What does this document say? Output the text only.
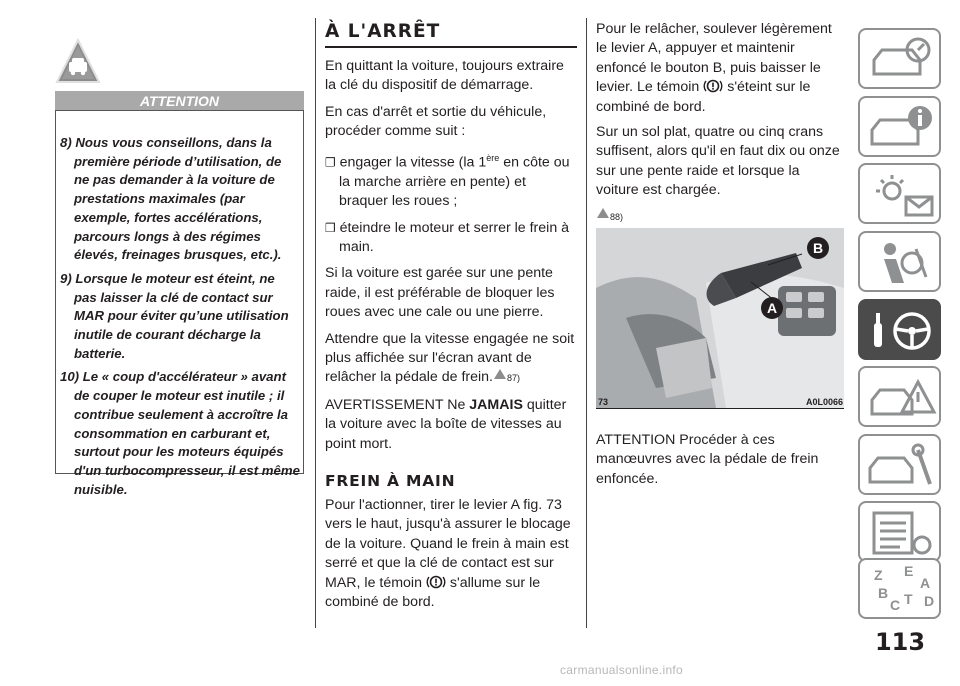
ATTENTION
8) Nous vous conseillons, dans la première période d’utilisation, de ne pas demander à la voiture de prestations maximales (par exemple, fortes accélérations, parcours longs à des régimes élevés, freinages brusques, etc.).
9) Lorsque le moteur est éteint, ne pas laisser la clé de contact sur MAR pour éviter qu’une utilisation inutile de courant décharge la batterie.
10) Le « coup d'accélérateur » avant de couper le moteur est inutile ; il contribue seulement à accroître la consommation en carburant et, surtout pour les moteurs équipés d'un turbocompresseur, il est même nuisible.
À L'ARRÊT

En quittant la voiture, toujours extraire la clé du dispositif de démarrage.

En cas d'arrêt et sortie du véhicule, procéder comme suit :

❒ engager la vitesse (la 1ère en côte ou la marche arrière en pente) et braquer les roues ;

❒ éteindre le moteur et serrer le frein à main.

Si la voiture est garée sur une pente raide, il est préférable de bloquer les roues avec une cale ou une pierre.

Attendre que la vitesse engagée ne soit plus affichée sur l'écran avant de relâcher la pédale de frein. 87)

AVERTISSEMENT Ne JAMAIS quitter la voiture avec la boîte de vitesses au point mort.

FREIN À MAIN

Pour l'actionner, tirer le levier A fig. 73 vers le haut, jusqu'à assurer le blocage de la voiture. Quand le frein à main est serré et que la clé de contact est sur MAR, le témoin s'allume sur le combiné de bord.

Pour le relâcher, soulever légèrement le levier A, appuyer et maintenir enfoncé le bouton B, puis baisser le levier. Le témoin s'éteint sur le combiné de bord.

Sur un sol plat, quatre ou cinq crans suffisent, alors qu'il en faut dix ou onze sur une pente raide et lorsque la voiture est chargée.

88)

B
A
73	A0L0066

ATTENTION Procéder à ces manœuvres avec la pédale de frein enfoncée.

Z E
A
B
C T D
113
carmanualsonline.info
